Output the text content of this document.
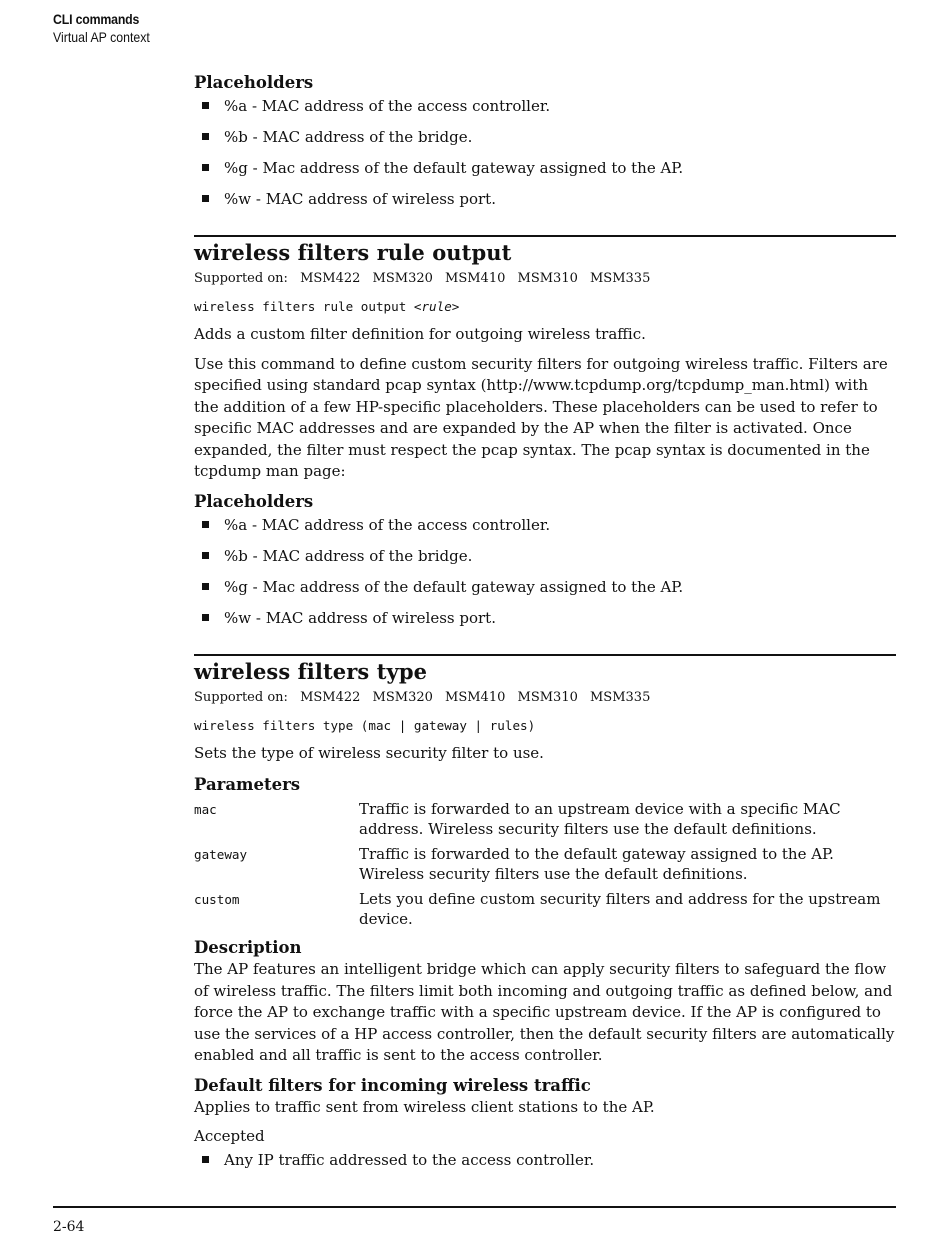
CLI commands
Virtual AP context
Placeholders
%a - MAC address of the access controller.
%b - MAC address of the bridge.
%g - Mac address of the default gateway assigned to the AP.
%w - MAC address of wireless port.
wireless filters rule output
Supported on: MSM422 MSM320 MSM410 MSM310 MSM335
wireless filters rule output <rule>

Adds a custom filter definition for outgoing wireless traffic.

Use this command to define custom security filters for outgoing wireless traffic. Filters are specified using standard pcap syntax (http://www.tcpdump.org/tcpdump_man.html) with the addition of a few HP-specific placeholders. These placeholders can be used to refer to specific MAC addresses and are expanded by the AP when the filter is activated. Once expanded, the filter must respect the pcap syntax. The pcap syntax is documented in the tcpdump man page:

Placeholders
%a - MAC address of the access controller.
%b - MAC address of the bridge.
%g - Mac address of the default gateway assigned to the AP.
%w - MAC address of wireless port.
wireless filters type
Supported on: MSM422 MSM320 MSM410 MSM310 MSM335
wireless filters type (mac | gateway | rules)

Sets the type of wireless security filter to use.

Parameters
mac	Traffic is forwarded to an upstream device with a specific MAC address. Wireless security filters use the default definitions.
gateway	Traffic is forwarded to the default gateway assigned to the AP. Wireless security filters use the default definitions.
custom	Lets you define custom security filters and address for the upstream device.
Description

The AP features an intelligent bridge which can apply security filters to safeguard the flow of wireless traffic. The filters limit both incoming and outgoing traffic as defined below, and force the AP to exchange traffic with a specific upstream device. If the AP is configured to use the services of a HP access controller, then the default security filters are automatically enabled and all traffic is sent to the access controller.

Default filters for incoming wireless traffic

Applies to traffic sent from wireless client stations to the AP.

Accepted

Any IP traffic addressed to the access controller.
2-64
